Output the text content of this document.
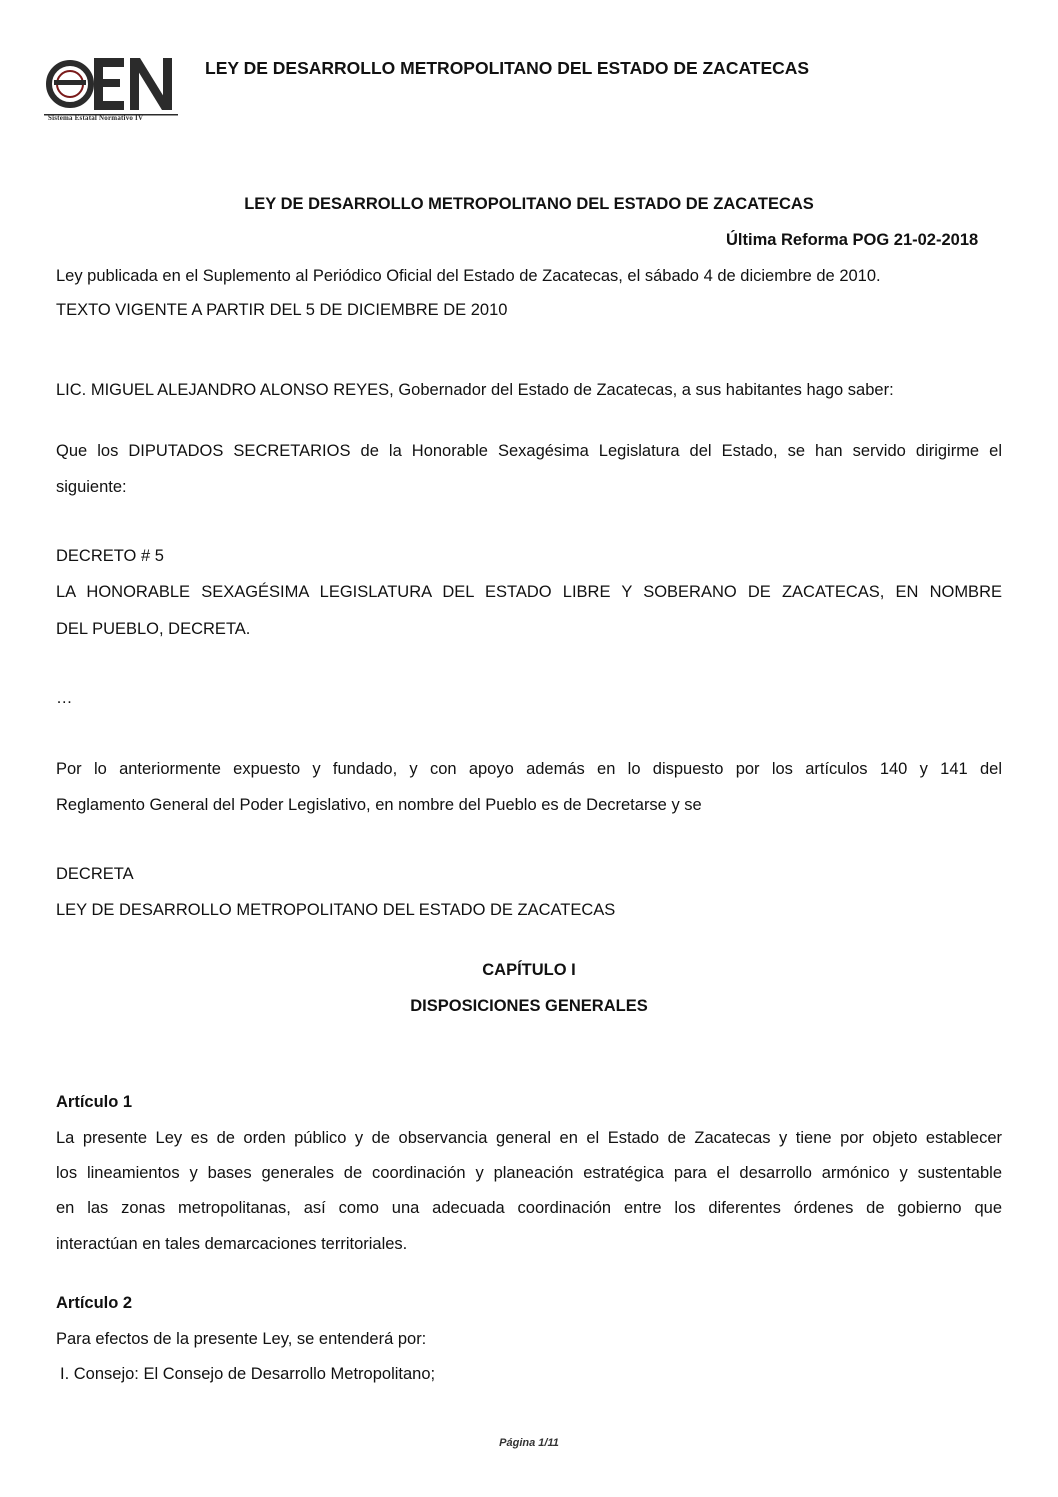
Sistema Estatal Normativo IV
LEY DE DESARROLLO METROPOLITANO DEL ESTADO DE ZACATECAS
LEY DE DESARROLLO METROPOLITANO DEL ESTADO DE ZACATECAS
Última Reforma POG 21-02-2018
Ley publicada en el Suplemento al Periódico Oficial del Estado de Zacatecas, el sábado 4 de diciembre de 2010.
TEXTO VIGENTE A PARTIR DEL 5 DE DICIEMBRE DE 2010
LIC. MIGUEL ALEJANDRO ALONSO REYES, Gobernador del Estado de Zacatecas, a sus habitantes hago saber:
Que los DIPUTADOS SECRETARIOS de la Honorable Sexagésima Legislatura del Estado, se han servido dirigirme el
siguiente:
DECRETO # 5
LA HONORABLE SEXAGÉSIMA LEGISLATURA DEL ESTADO LIBRE Y SOBERANO DE ZACATECAS, EN NOMBRE
DEL PUEBLO, DECRETA.
…
Por lo anteriormente expuesto y fundado, y con apoyo además en lo dispuesto por los artículos 140 y 141 del
Reglamento General del Poder Legislativo, en nombre del Pueblo es de Decretarse y se
DECRETA
LEY DE DESARROLLO METROPOLITANO DEL ESTADO DE ZACATECAS
CAPÍTULO I
DISPOSICIONES GENERALES
Artículo 1
La presente Ley es de orden público y de observancia general en el Estado de Zacatecas y tiene por objeto establecer
los lineamientos y bases generales de coordinación y planeación estratégica para el desarrollo armónico y sustentable
en las zonas metropolitanas, así como una adecuada coordinación entre los diferentes órdenes de gobierno que
interactúan en tales demarcaciones territoriales.
Artículo 2
Para efectos de la presente Ley, se entenderá por:
I. Consejo: El Consejo de Desarrollo Metropolitano;
Página 1/11
